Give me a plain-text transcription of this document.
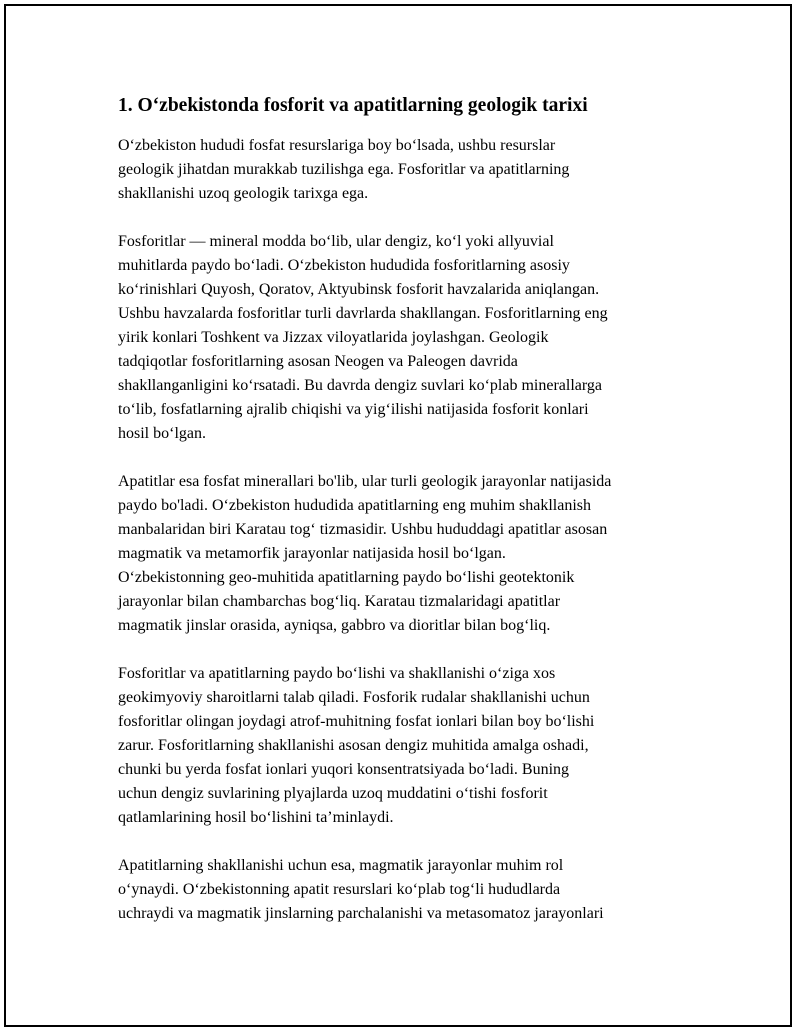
1. O‘zbekistonda fosforit va apatitlarning geologik tarixi
O‘zbekiston hududi fosfat resurslariga boy bo‘lsada, ushbu resurslar
geologik jihatdan murakkab tuzilishga ega. Fosforitlar va apatitlarning
shakllanishi uzoq geologik tarixga ega.
Fosforitlar — mineral modda bo‘lib, ular dengiz, ko‘l yoki allyuvial
muhitlarda paydo bo‘ladi. O‘zbekiston hududida fosforitlarning asosiy
ko‘rinishlari Quyosh, Qoratov, Aktyubinsk fosforit havzalarida aniqlangan.
Ushbu havzalarda fosforitlar turli davrlarda shakllangan. Fosforitlarning eng
yirik konlari Toshkent va Jizzax viloyatlarida joylashgan. Geologik
tadqiqotlar fosforitlarning asosan Neogen va Paleogen davrida
shakllanganligini ko‘rsatadi. Bu davrda dengiz suvlari ko‘plab minerallarga
to‘lib, fosfatlarning ajralib chiqishi va yig‘ilishi natijasida fosforit konlari
hosil bo‘lgan.
Apatitlar esa fosfat minerallari bo'lib, ular turli geologik jarayonlar natijasida
paydo bo'ladi. O‘zbekiston hududida apatitlarning eng muhim shakllanish
manbalaridan biri Karatau tog‘ tizmasidir. Ushbu hududdagi apatitlar asosan
magmatik va metamorfik jarayonlar natijasida hosil bo‘lgan.
O‘zbekistonning geo-muhitida apatitlarning paydo bo‘lishi geotektonik
jarayonlar bilan chambarchas bog‘liq. Karatau tizmalaridagi apatitlar
magmatik jinslar orasida, ayniqsa, gabbro va dioritlar bilan bog‘liq.
Fosforitlar va apatitlarning paydo bo‘lishi va shakllanishi o‘ziga xos
geokimyoviy sharoitlarni talab qiladi. Fosforik rudalar shakllanishi uchun
fosforitlar olingan joydagi atrof-muhitning fosfat ionlari bilan boy bo‘lishi
zarur. Fosforitlarning shakllanishi asosan dengiz muhitida amalga oshadi,
chunki bu yerda fosfat ionlari yuqori konsentratsiyada bo‘ladi. Buning
uchun dengiz suvlarining plyajlarda uzoq muddatini o‘tishi fosforit
qatlamlarining hosil bo‘lishini ta’minlaydi.
Apatitlarning shakllanishi uchun esa, magmatik jarayonlar muhim rol
o‘ynaydi. O‘zbekistonning apatit resurslari ko‘plab tog‘li hududlarda
uchraydi va magmatik jinslarning parchalanishi va metasomatoz jarayonlari
